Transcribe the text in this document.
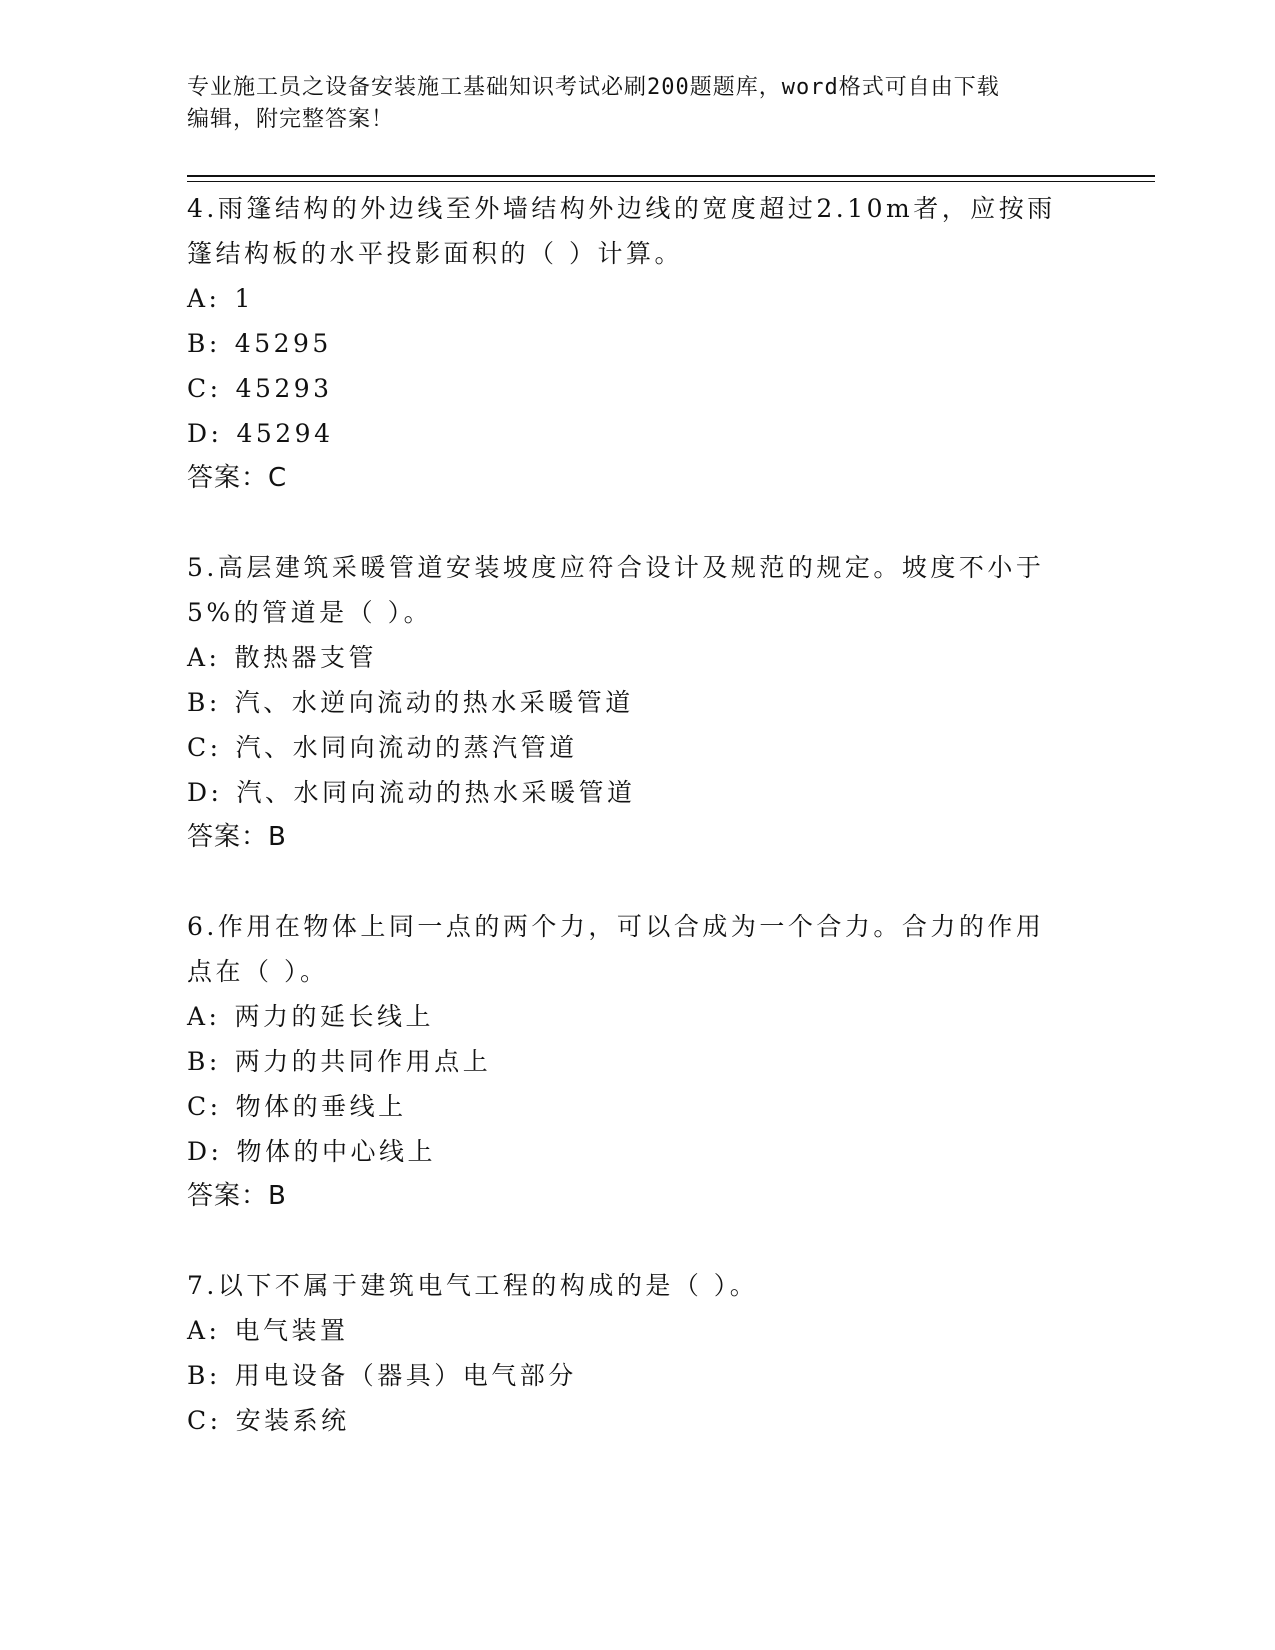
专业施工员之设备安装施工基础知识考试必刷200题题库，word格式可自由下载
编辑，附完整答案！
4.雨篷结构的外边线至外墙结构外边线的宽度超过2.10m者，应按雨
篷结构板的水平投影面积的（ ）计算。
A: 1
B: 45295
C: 45293
D: 45294
答案：C
5.高层建筑采暖管道安装坡度应符合设计及规范的规定。坡度不小于
5%的管道是（ ）。
A: 散热器支管
B: 汽、水逆向流动的热水采暖管道
C: 汽、水同向流动的蒸汽管道
D: 汽、水同向流动的热水采暖管道
答案：B
6.作用在物体上同一点的两个力，可以合成为一个合力。合力的作用
点在（ ）。
A: 两力的延长线上
B: 两力的共同作用点上
C: 物体的垂线上
D: 物体的中心线上
答案：B
7.以下不属于建筑电气工程的构成的是（ ）。
A: 电气装置
B: 用电设备（器具）电气部分
C: 安装系统
